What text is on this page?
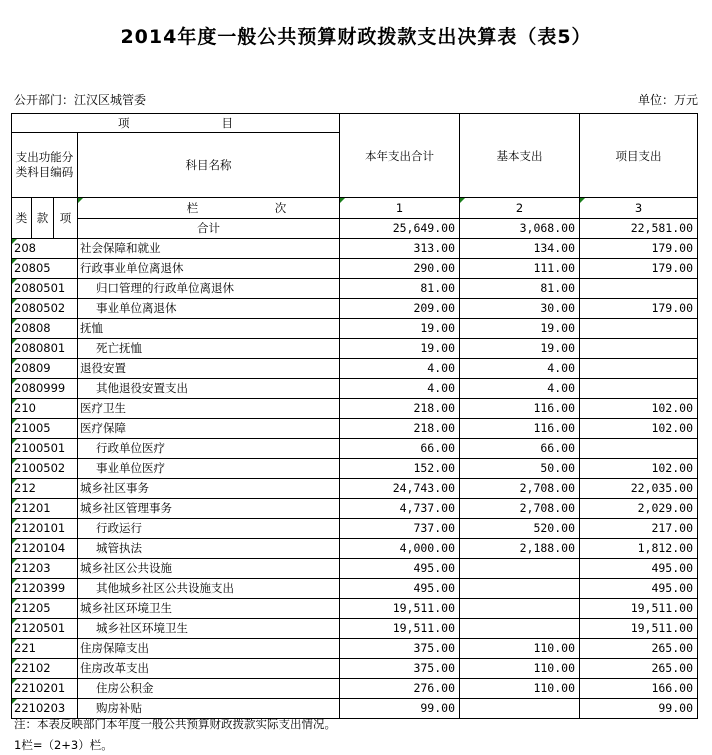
2014年度一般公共预算财政拨款支出决算表（表5）
公开部门：江汉区城管委	单位：万元
项　　　　　　　　目				本年支出合计	基本支出	项目支出
支出功能分类科目编码			科目名称			
类	款	项	栏 次	1	2	3
			合计	25,649.00	3,068.00	22,581.00
208			社会保障和就业	313.00	134.00	179.00
20805			行政事业单位离退休	290.00	111.00	179.00
2080501			归口管理的行政单位离退休	81.00	81.00	
2080502			事业单位离退休	209.00	30.00	179.00
20808			抚恤	19.00	19.00	
2080801			死亡抚恤	19.00	19.00	
20809			退役安置	4.00	4.00	
2080999			其他退役安置支出	4.00	4.00	
210			医疗卫生	218.00	116.00	102.00
21005			医疗保障	218.00	116.00	102.00
2100501			行政单位医疗	66.00	66.00	
2100502			事业单位医疗	152.00	50.00	102.00
212			城乡社区事务	24,743.00	2,708.00	22,035.00
21201			城乡社区管理事务	4,737.00	2,708.00	2,029.00
2120101			行政运行	737.00	520.00	217.00
2120104			城管执法	4,000.00	2,188.00	1,812.00
21203			城乡社区公共设施	495.00		495.00
2120399			其他城乡社区公共设施支出	495.00		495.00
21205			城乡社区环境卫生	19,511.00		19,511.00
2120501			城乡社区环境卫生	19,511.00		19,511.00
221			住房保障支出	375.00	110.00	265.00
22102			住房改革支出	375.00	110.00	265.00
2210201			住房公积金	276.00	110.00	166.00
2210203			购房补贴	99.00		99.00
注：本表反映部门本年度一般公共预算财政拨款实际支出情况。
1栏=（2+3）栏。
